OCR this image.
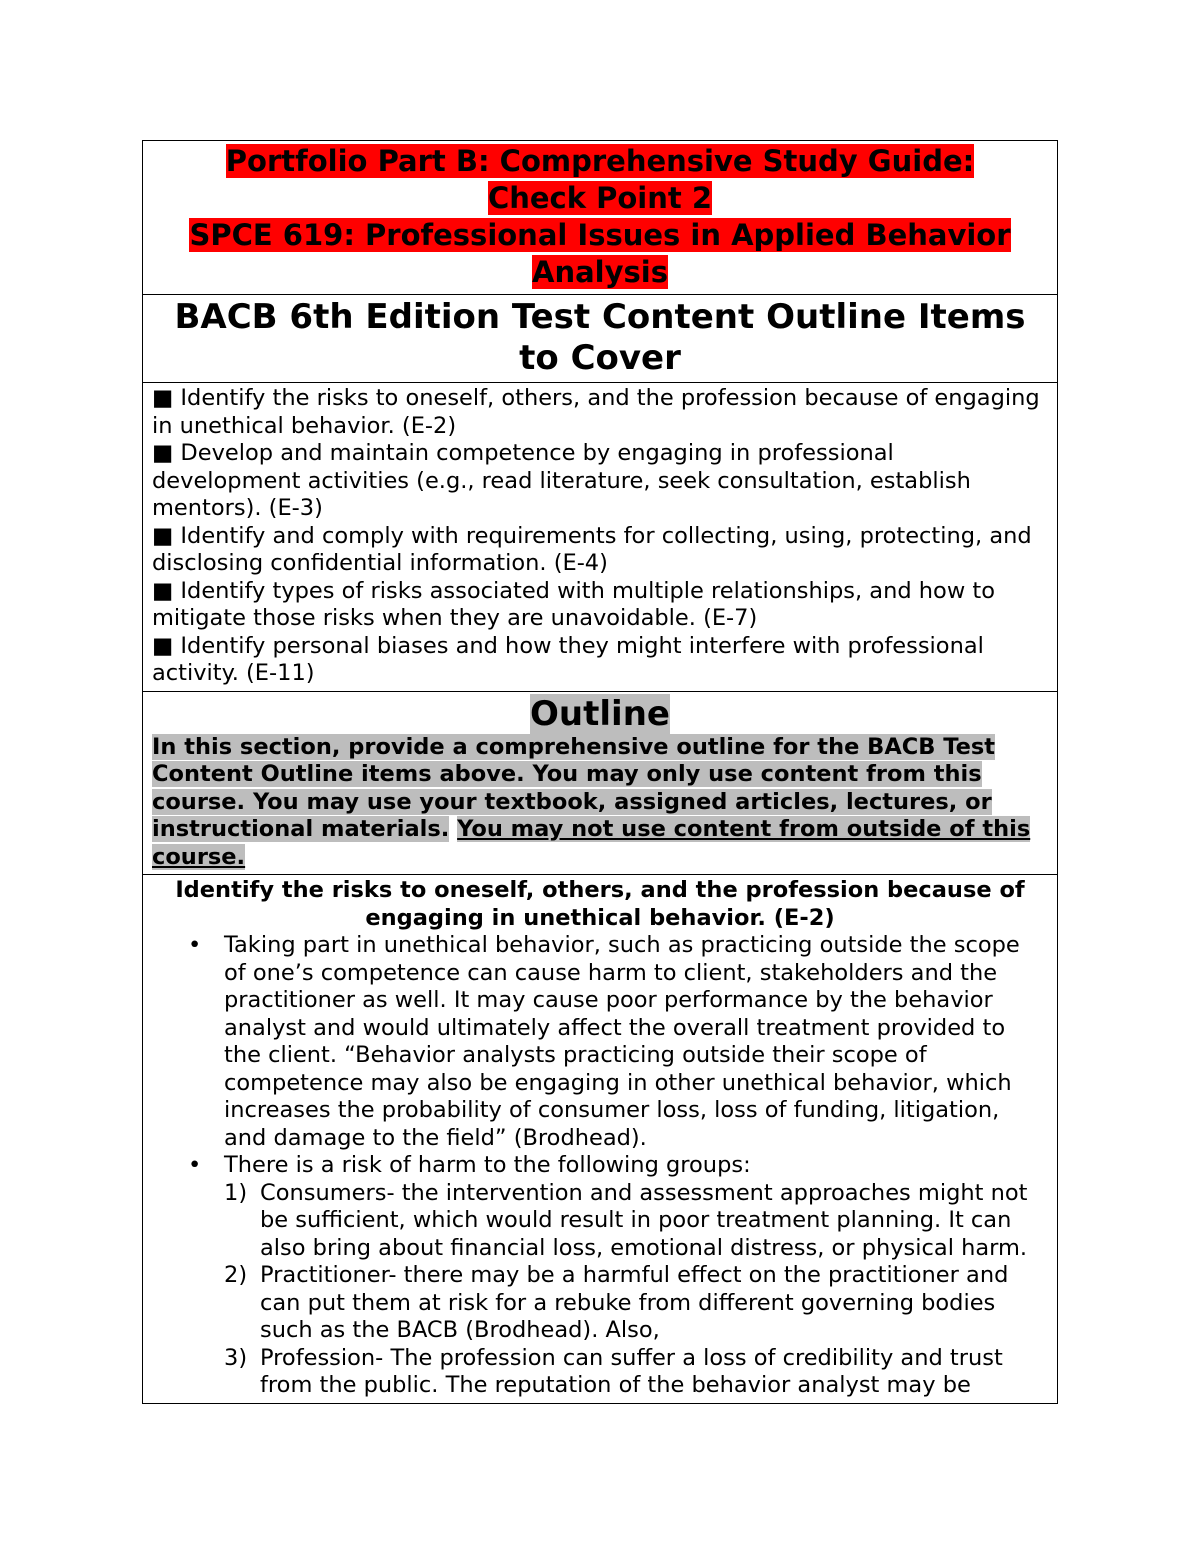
Portfolio Part B: Comprehensive Study Guide:
Check Point 2
SPCE 619: Professional Issues in Applied Behavior
Analysis

BACB 6th Edition Test Content Outline Items to Cover

■ Identify the risks to oneself, others, and the profession because of engaging in unethical behavior. (E-2)

■ Develop and maintain competence by engaging in professional development activities (e.g., read literature, seek consultation, establish mentors). (E-3)

■ Identify and comply with requirements for collecting, using, protecting, and disclosing confidential information. (E-4)

■ Identify types of risks associated with multiple relationships, and how to mitigate those risks when they are unavoidable. (E-7)

■ Identify personal biases and how they might interfere with professional activity. (E-11)

Outline

In this section, provide a comprehensive outline for the BACB Test Content Outline items above. You may only use content from this course. You may use your textbook, assigned articles, lectures, or instructional materials. You may not use content from outside of this course.

Identify the risks to oneself, others, and the profession because of engaging in unethical behavior. (E-2)

• Taking part in unethical behavior, such as practicing outside the scope of one’s competence can cause harm to client, stakeholders and the practitioner as well. It may cause poor performance by the behavior analyst and would ultimately affect the overall treatment provided to the client. “Behavior analysts practicing outside their scope of competence may also be engaging in other unethical behavior, which increases the probability of consumer loss, loss of funding, litigation, and damage to the field” (Brodhead).
• There is a risk of harm to the following groups:
1) Consumers- the intervention and assessment approaches might not be sufficient, which would result in poor treatment planning. It can also bring about financial loss, emotional distress, or physical harm.
2) Practitioner- there may be a harmful effect on the practitioner and can put them at risk for a rebuke from different governing bodies such as the BACB (Brodhead). Also,
3) Profession- The profession can suffer a loss of credibility and trust from the public. The reputation of the behavior analyst may be
